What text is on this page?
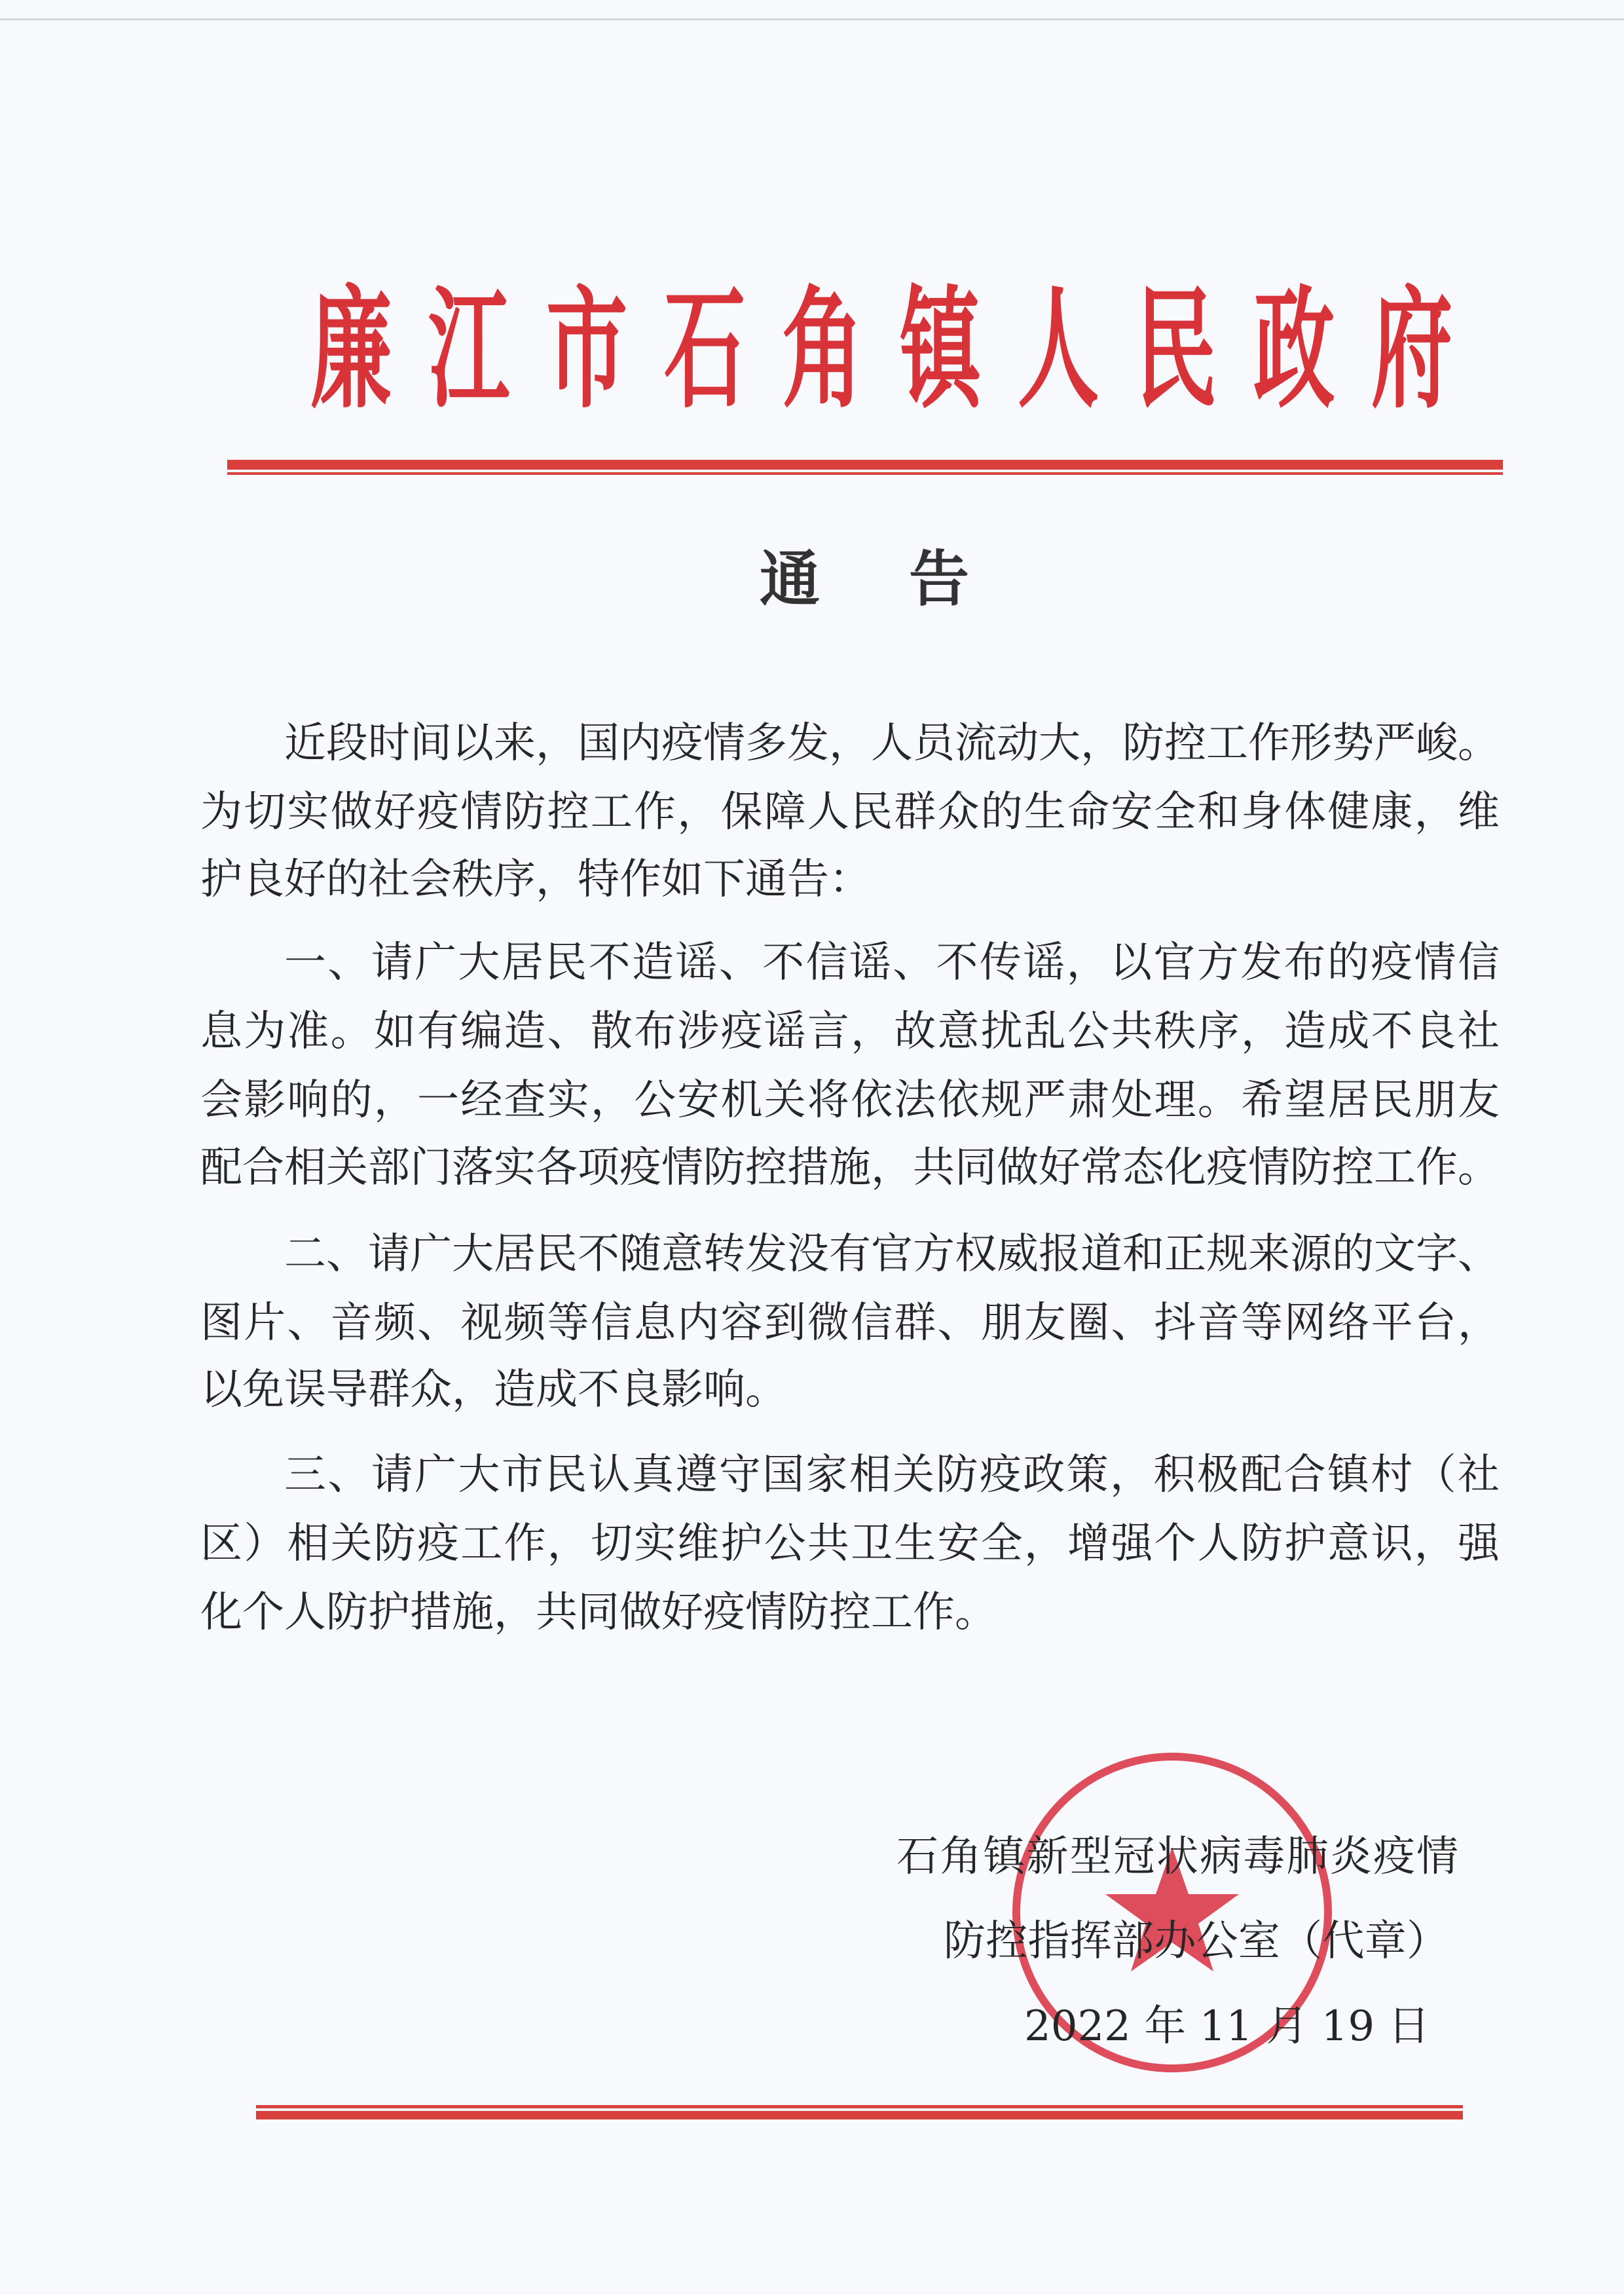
廉 江 市 石 角 镇 人 民 政 府
通 告
近段时间以来，国内疫情多发，人员流动大，防控工作形势严峻。
为切实做好疫情防控工作，保障人民群众的生命安全和身体健康，维
护良好的社会秩序，特作如下通告：
一、请广大居民不造谣、不信谣、不传谣，以官方发布的疫情信
息为准。如有编造、散布涉疫谣言，故意扰乱公共秩序，造成不良社
会影响的，一经查实，公安机关将依法依规严肃处理。希望居民朋友
配合相关部门落实各项疫情防控措施，共同做好常态化疫情防控工作。
二、请广大居民不随意转发没有官方权威报道和正规来源的文字、
图片、音频、视频等信息内容到微信群、朋友圈、抖音等网络平台，
以免误导群众，造成不良影响。
三、请广大市民认真遵守国家相关防疫政策，积极配合镇村（社
区）相关防疫工作，切实维护公共卫生安全，增强个人防护意识，强
化个人防护措施，共同做好疫情防控工作。
石角镇新型冠状病毒肺炎疫情
防控指挥部办公室（代章）
2022 年 11 月 19 日
